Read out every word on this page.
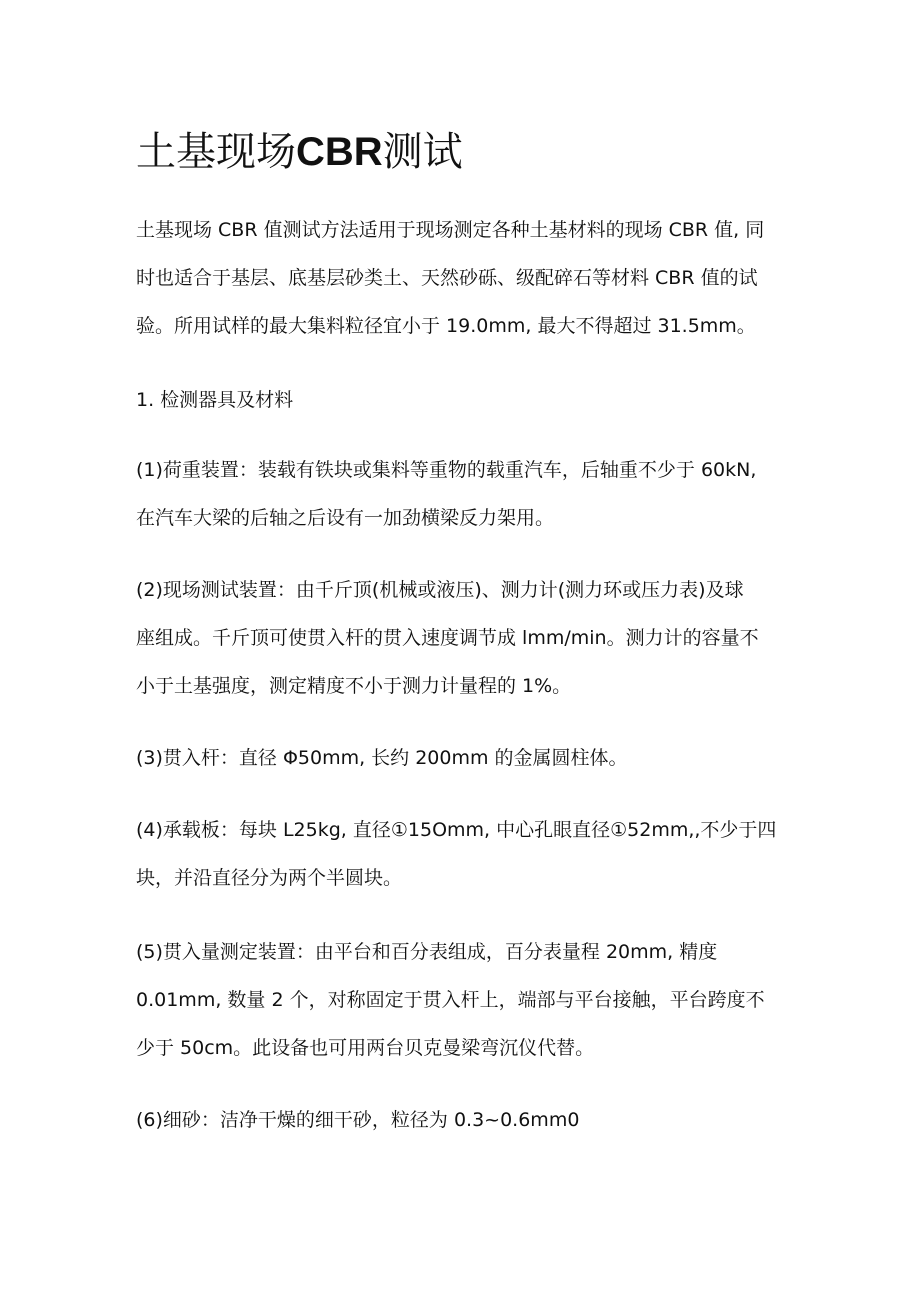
土基现场CBR测试

土基现场 CBR 值测试方法适用于现场测定各种土基材料的现场 CBR 值, 同
时也适合于基层、底基层砂类土、天然砂砾、级配碎石等材料 CBR 值的试
验。所用试样的最大集料粒径宜小于 19.0mm, 最大不得超过 31.5mm。

1. 检测器具及材料

(1)荷重装置：装载有铁块或集料等重物的载重汽车，后轴重不少于 60kN,
在汽车大梁的后轴之后设有一加劲横梁反力架用。

(2)现场测试装置：由千斤顶(机械或液压)、测力计(测力环或压力表)及球
座组成。千斤顶可使贯入杆的贯入速度调节成 lmm/min。测力计的容量不
小于土基强度，测定精度不小于测力计量程的 1%。

(3)贯入杆：直径 Φ50mm, 长约 200mm 的金属圆柱体。

(4)承载板：每块 L25kg, 直径①15Omm, 中心孔眼直径①52mm,,不少于四
块，并沿直径分为两个半圆块。

(5)贯入量测定装置：由平台和百分表组成，百分表量程 20mm, 精度
0.01mm, 数量 2 个，对称固定于贯入杆上，端部与平台接触，平台跨度不
少于 50cm。此设备也可用两台贝克曼梁弯沉仪代替。

(6)细砂：洁净干燥的细干砂，粒径为 0.3~0.6mm0
